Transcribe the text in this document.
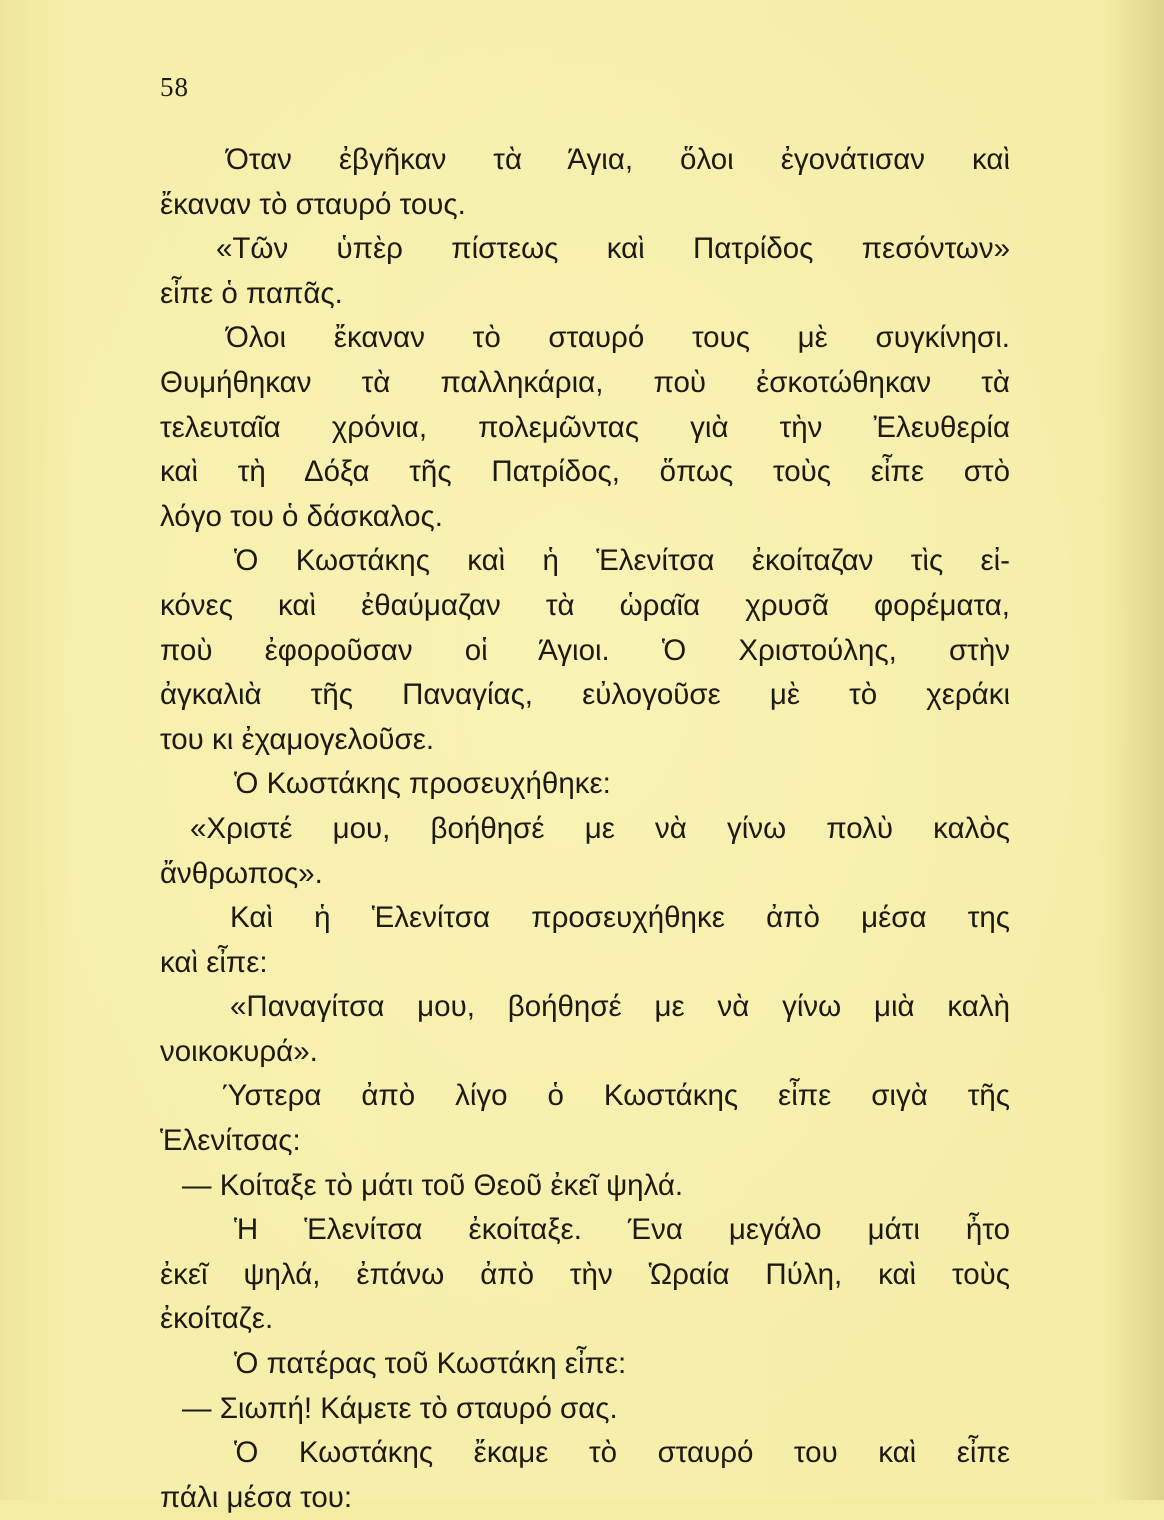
58
Όταν ἐβγῆκαν τὰ Άγια, ὅλοι ἐγονάτισαν καὶ
ἔκαναν τὸ σταυρό τους.
«Τῶν ὑπὲρ πίστεως καὶ Πατρίδος πεσόντων»
εἶπε ὁ παπᾶς.
Όλοι ἔκαναν τὸ σταυρό τους μὲ συγκίνησι.
Θυμήθηκαν τὰ παλληκάρια, ποὺ ἐσκοτώθηκαν τὰ
τελευταῖα χρόνια, πολεμῶντας γιὰ τὴν Ἐλευθερία
καὶ τὴ Δόξα τῆς Πατρίδος, ὅπως τοὺς εἶπε στὸ
λόγο του ὁ δάσκαλος.
Ὁ Κωστάκης καὶ ἡ Ἑλενίτσα ἐκοίταζαν τὶς εἰ-
κόνες καὶ ἐθαύμαζαν τὰ ὡραῖα χρυσᾶ φορέματα,
ποὺ ἐφοροῦσαν οἱ Άγιοι. Ὁ Χριστούλης, στὴν
ἀγκαλιὰ τῆς Παναγίας, εὐλογοῦσε μὲ τὸ χεράκι
του κι ἐχαμογελοῦσε.
Ὁ Κωστάκης προσευχήθηκε:
«Χριστέ μου, βοήθησέ με νὰ γίνω πολὺ καλὸς
ἄνθρωπος».
Καὶ ἡ Ἑλενίτσα προσευχήθηκε ἀπὸ μέσα της
καὶ εἶπε:
«Παναγίτσα μου, βοήθησέ με νὰ γίνω μιὰ καλὴ
νοικοκυρά».
Ύστερα ἀπὸ λίγο ὁ Κωστάκης εἶπε σιγὰ τῆς
Ἑλενίτσας:
— Κοίταξε τὸ μάτι τοῦ Θεοῦ ἐκεῖ ψηλά.
Ἡ Ἑλενίτσα ἐκοίταξε. Ένα μεγάλο μάτι ἦτο
ἐκεῖ ψηλά, ἐπάνω ἀπὸ τὴν Ὡραία Πύλη, καὶ τοὺς
ἐκοίταζε.
Ὁ πατέρας τοῦ Κωστάκη εἶπε:
— Σιωπή! Κάμετε τὸ σταυρό σας.
Ὁ Κωστάκης ἔκαμε τὸ σταυρό του καὶ εἶπε
πάλι μέσα του:
